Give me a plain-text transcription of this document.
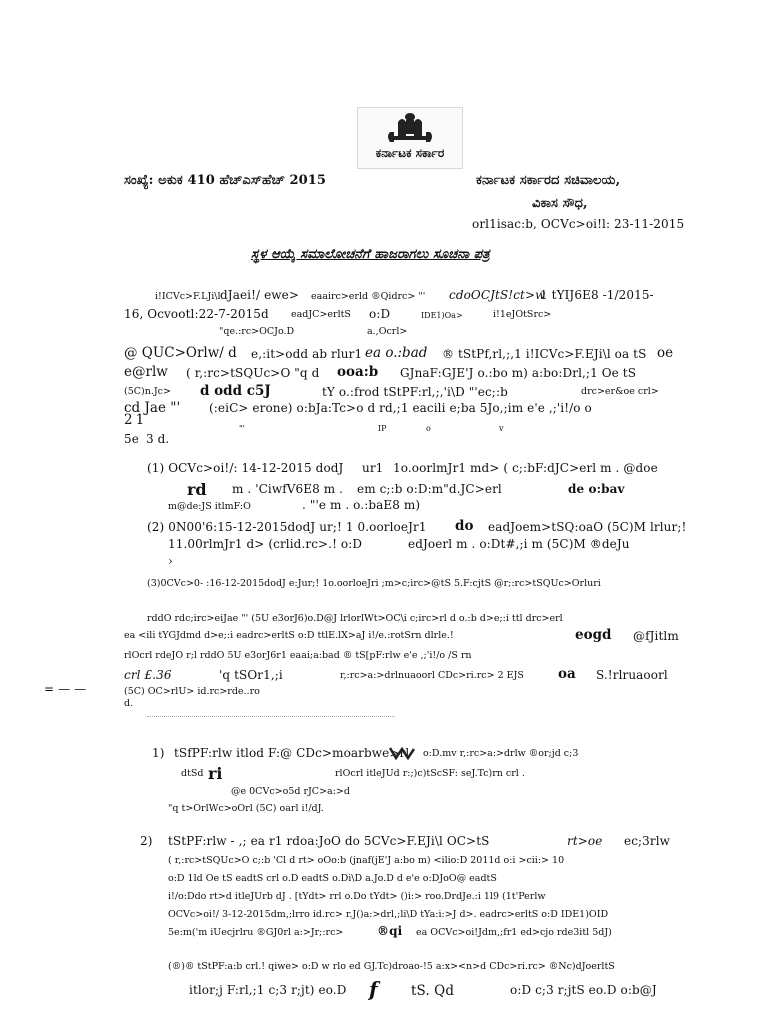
ಕರ್ನಾಟಕ ಸರ್ಕಾರ
ಸಂಖ್ಯೆ: ಅಕುಕ 410 ಹೆಚ್‌ಎಸ್‌ಹೆಚ್ 2015	ಕರ್ನಾಟಕ ಸರ್ಕಾರದ ಸಚಿವಾಲಯ,
ವಿಕಾಸ ಸೌಧ,
orl1isac:b, OCVc>oi!l: 23-11-2015
ಸ್ಥಳ ಆಯ್ಕೆ ಸಮಾಲೋಚನೆಗೆ ಹಾಜರಾಗಲು ಸೂಚನಾ ಪತ್ರ
i!ICVc>F.LJi\l dJaei!/ ewe> eaairc>erld ®Qidrc> "' cdoOCJtS!ct>w
1 tYIJ6E8 -1/2015-
16, Ocvootl:22-7-2015d eadJC>erltS o:D	IDE1)Oa>	i!1eJOtSrc>
"qe.:rc>OCJo.D	a.,Ocrl>
@ QUC>Orlw/ d e,:it>odd ab rlur1 ea o.:bad ® tStPf,rl,;,1 i!ICVc>F.EJi\l oa tS oe
e@rlw ( r,:rc>tSQUc>O "q d ooa:b GJnaF:GJE'J o.:bo m) a:bo:Drl,;1 Oe tS
(5C)n.Jc> d odd c5J	tY o.:frod tStPF:rl,;,'i\D "'ec;:b	drc>er&oe crl>
cd Jae "' (:eiC> erone) o:bJa:Tc>o d rd,;1 eacili e;ba 5Jo,;im e'e ,;'i!/o o
21
"'	IP	o	v
5e 3 d.
(1) OCVc>oi!/: 14-12-2015 dodJ ur1 1o.oorlmJr1 md> ( c;:bF:dJC>erl m . @doe
rd m . 'CiwfV6E8 m . em c;:b o:D:m"d.JC>erl	de o:bav
m@de:JS itlmF:O	. "'e m . o.:baE8 m)
(2) 0N00'6:15-12-2015dodJ ur;! 1 0.oorloeJr1 do eadJoem>tSQ:oaO (5C)M lrlur;!
11.00rlmJr1 d> (crlid.rc>.! o:D	edJoerl m . o:Dt#,;i m (5C)M ®deJu
›
(3)0CVc>0- :16-12-2015dodJ e:Jur;! 1o.oorloeJri ;m>c;irc>@tS 5.F:cjtS @r;:rc>tSQUc>Orluri
rddO rdc;irc>eiJae "' (5U e3orJ6)o.D@J lrlorlWt>OC\i c;irc>rl d o.:b d>e;:i ttl drc>erl
ea <ili tYGJdmd d>e;:i eadrc>erltS o:D ttlE.lX>aJ i!/e.:rotSrn dlrle.!	eogd @fJitlm
rlOcrl rdeJO r;l rddO 5U e3orJ6r1 eaai;a:bad ® tS[pF:rlw e'e ,;'i!/o /S rn
crl £.36	'q tSOr1,;i	r,:rc>a:>drlnuaoorl CDc>ri.rc> 2 EJS	oa S.!rlruaoorl
(5C) OC>rlU> id.rc>rde..ro
d.
= — —
1) tSfPF:rlw itlod F:@ CDc>moarbwe>rl o:D.mv r,:rc>a:>drlw ®or;jd c;3
dtSd ri	rlOcrl itleJUd r:;)c)tScSF: seJ.Tc)rn crl .
@e 0CVc>o5d rJC>a:>d
"q t>OrlWc>oOrl (5C) oarl i!/dJ.
2) tStPF:rlw - ,; ea r1 rdoa:JoO do 5CVc>F.EJi\l OC>tS	rt>oe ec;3rlw
( r,:rc>tSQUc>O c;:b 'Cl d rt> oOo:b (jnaf(jE'J a:bo m) <ilio:D 2011d o:i >cii:> 10
o:D 1ld Oe tS eadtS crl o.D eadtS o.Di\D a.Jo.D d e'e o:DJoO@ eadtS
i!/o:Ddo rt>d itleJUrb dJ . [tYdt> rrl o.Do tYdt> ()i:> roo.DrdJe.:i 1l9 (1t'Perlw
OCVc>oi!/ 3-12-2015dm,;lrro id.rc> r.J()a:>drl,;li\D tYa:i:>J d>. eadrc>erltS o:D IDE1)OID
5e:m('m iUecjrlru ®GJ0rl a:>Jr;:rc>	®qi ea OCVc>oi!Jdm,;fr1 ed>cjo rde3itl 5dJ)
(®)® tStPF:a:b crl.! qiwe> o:D w rlo ed GJ.Tc)droao-!5 a:x><n>d CDc>ri.rc> ®Nc)dJoerltS
itlor;j F:rl,;1 c;3 r;jt) eo.D f tS. Qd	o:D c;3 r;jtS eo.D o:b@J
